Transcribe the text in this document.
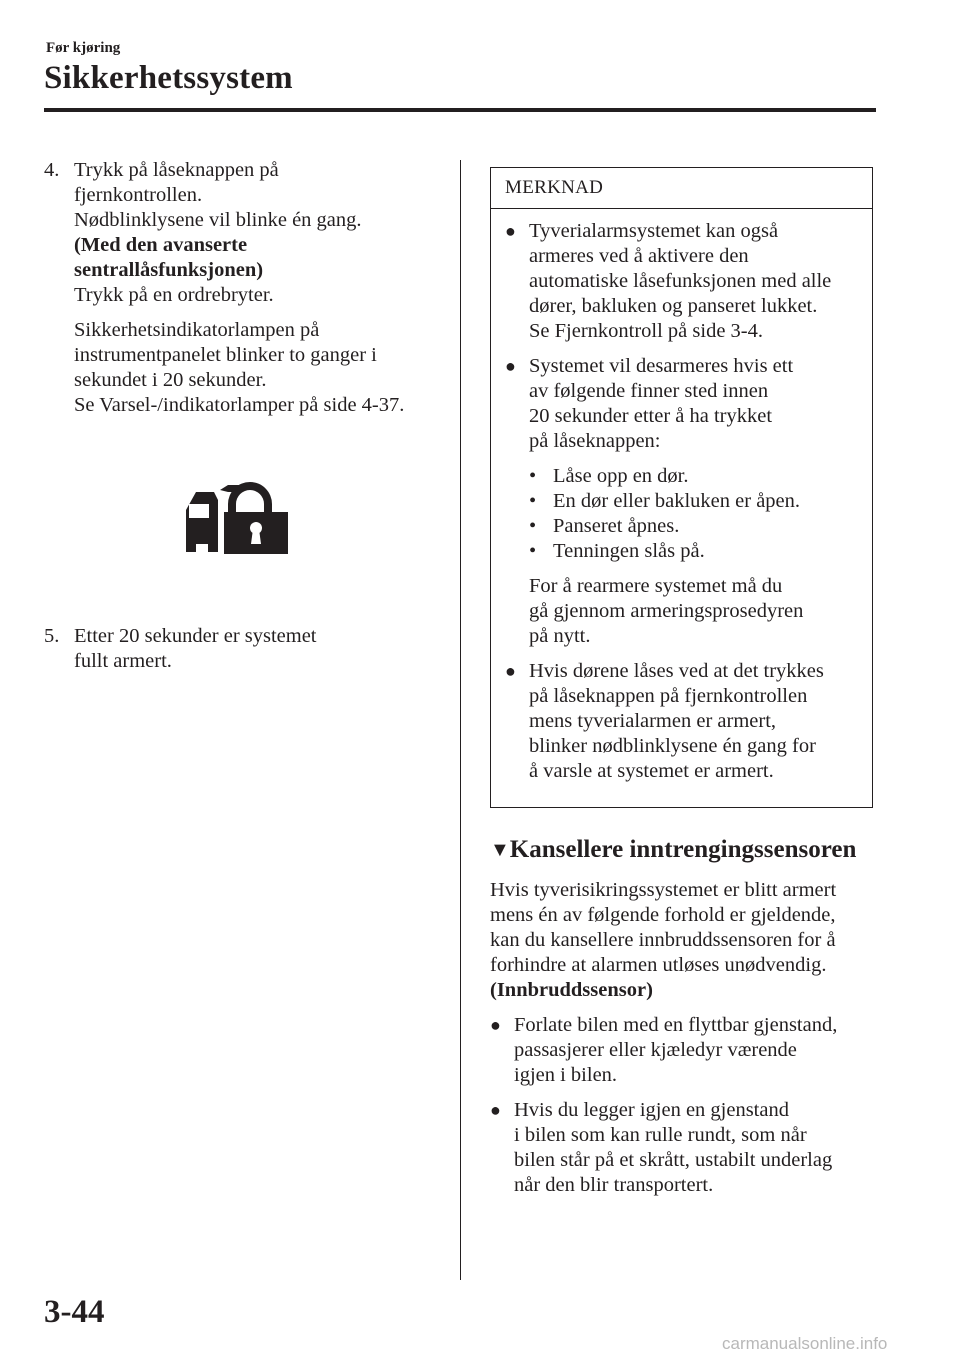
Før kjøring
Sikkerhetssystem
4. Trykk på låseknappen på

fjernkontrollen.

Nødblinklysene vil blinke én gang.

(Med den avanserte

sentrallåsfunksjonen)

Trykk på en ordrebryter.

Sikkerhetsindikatorlampen på

instrumentpanelet blinker to ganger i

sekundet i 20 sekunder.

Se Varsel-/indikatorlamper på side 4-37.

5. Etter 20 sekunder er systemet

fullt armert.

MERKNAD
● Tyverialarmsystemet kan også

armeres ved å aktivere den

automatiske låsefunksjonen med alle

dører, bakluken og panseret lukket.

Se Fjernkontroll på side 3-4.

● Systemet vil desarmeres hvis ett

av følgende finner sted innen

20 sekunder etter å ha trykket

på låseknappen:

• Låse opp en dør.
• En dør eller bakluken er åpen.
• Panseret åpnes.
• Tenningen slås på.

For å rearmere systemet må du

gå gjennom armeringsprosedyren

på nytt.

● Hvis dørene låses ved at det trykkes

på låseknappen på fjernkontrollen

mens tyverialarmen er armert,

blinker nødblinklysene én gang for

å varsle at systemet er armert.

▼Kansellere inntrengingssensoren

Hvis tyverisikringssystemet er blitt armert

mens én av følgende forhold er gjeldende,

kan du kansellere innbruddssensoren for å

forhindre at alarmen utløses unødvendig.

(Innbruddssensor)

● Forlate bilen med en flyttbar gjenstand,

passasjerer eller kjæledyr værende

igjen i bilen.

● Hvis du legger igjen en gjenstand

i bilen som kan rulle rundt, som når

bilen står på et skrått, ustabilt underlag

når den blir transportert.

3-44
carmanualsonline.info
